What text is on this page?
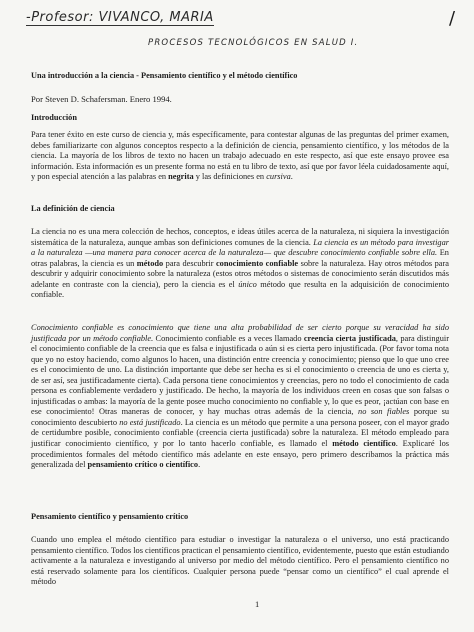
-Profesor: VIVANCO, MARIA
PROCESOS TECNOLÓGICOS EN SALUD I.
/
Una introducción a la ciencia - Pensamiento científico y el método científico
Por Steven D. Schafersman. Enero 1994.
Introducción
Para tener éxito en este curso de ciencia y, más específicamente, para contestar algunas de las preguntas del primer examen, debes familiarizarte con algunos conceptos respecto a la definición de ciencia, pensamiento científico, y los métodos de la ciencia. La mayoría de los libros de texto no hacen un trabajo adecuado en este respecto, así que este ensayo provee esa información. Esta información es un presente forma no está en tu libro de texto, así que por favor léela cuidadosamente aquí, y pon especial atención a las palabras en negrita y las definiciones en cursiva.
La definición de ciencia
La ciencia no es una mera colección de hechos, conceptos, e ideas útiles acerca de la naturaleza, ni siquiera la investigación sistemática de la naturaleza, aunque ambas son definiciones comunes de la ciencia. La ciencia es un método para investigar a la naturaleza —una manera para conocer acerca de la naturaleza— que descubre conocimiento confiable sobre ella. En otras palabras, la ciencia es un método para descubrir conocimiento confiable sobre la naturaleza. Hay otros métodos para descubrir y adquirir conocimiento sobre la naturaleza (estos otros métodos o sistemas de conocimiento serán discutidos más adelante en contraste con la ciencia), pero la ciencia es el único método que resulta en la adquisición de conocimiento confiable.
Conocimiento confiable es conocimiento que tiene una alta probabilidad de ser cierto porque su veracidad ha sido justificada por un método confiable. Conocimiento confiable es a veces llamado creencia cierta justificada, para distinguir el conocimiento confiable de la creencia que es falsa e injustificada o aún si es cierta pero injustificada. (Por favor toma nota que yo no estoy haciendo, como algunos lo hacen, una distinción entre creencia y conocimiento; pienso que lo que uno cree es el conocimiento de uno. La distinción importante que debe ser hecha es si el conocimiento o creencia de uno es cierta y, de ser así, sea justificadamente cierta). Cada persona tiene conocimientos y creencias, pero no todo el conocimiento de cada persona es confiablemente verdadero y justificado. De hecho, la mayoría de los individuos creen en cosas que son falsas o injustificadas o ambas: la mayoría de la gente posee mucho conocimiento no confiable y, lo que es peor, ¡actúan con base en ese conocimiento! Otras maneras de conocer, y hay muchas otras además de la ciencia, no son fiables porque su conocimiento descubierto no está justificado. La ciencia es un método que permite a una persona poseer, con el mayor grado de certidumbre posible, conocimiento confiable (creencia cierta justificada) sobre la naturaleza. El método empleado para justificar conocimiento científico, y por lo tanto hacerlo confiable, es llamado el método científico. Explicaré los procedimientos formales del método científico más adelante en este ensayo, pero primero describamos la práctica más generalizada del pensamiento crítico o científico.
Pensamiento científico y pensamiento crítico
Cuando uno emplea el método científico para estudiar o investigar la naturaleza o el universo, uno está practicando pensamiento científico. Todos los científicos practican el pensamiento científico, evidentemente, puesto que están estudiando activamente a la naturaleza e investigando al universo por medio del método científico. Pero el pensamiento científico no está reservado solamente para los científicos. Cualquier persona puede “pensar como un científico” el cual aprende el método
1
